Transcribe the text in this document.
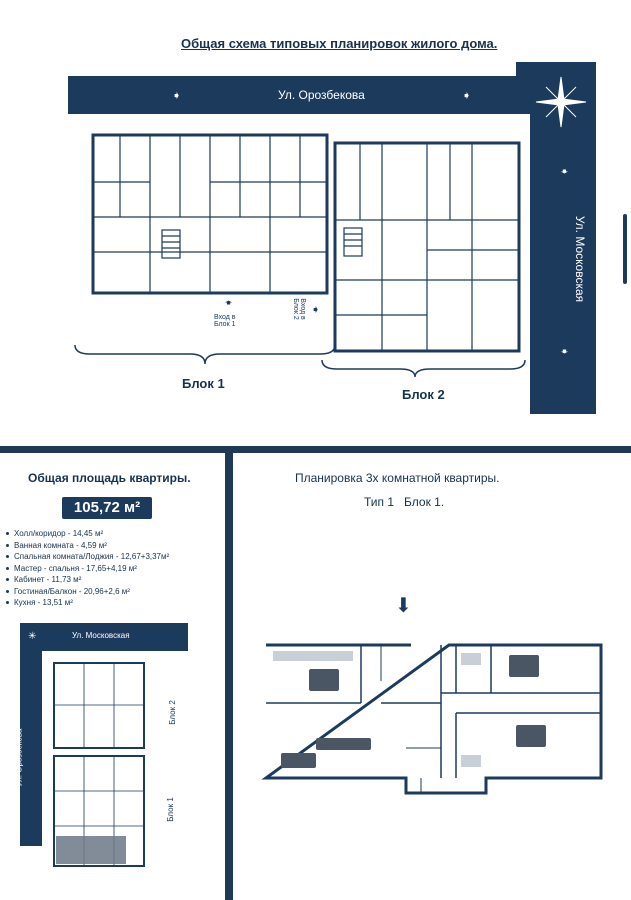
Общая схема типовых планировок жилого дома.
Ул. Орозбекова
➧	➧
Ул. Московская
➧
➧
➧
Вход в
Блок 1
➧
Вход в
Блок 2
Блок 1
Блок 2
Общая площадь квартиры.
105,72 м²
Холл/коридор - 14,45 м²
Ванная комната - 4,59 м²
Спальная комната/Лоджия - 12,67+3,37м²
Мастер - спальня - 17,65+4,19 м²
Кабинет - 11,73 м²
Гостиная/Балкон - 20,96+2,6 м²
Кухня - 13,51 м²
Ул. Московская
Ул. Орозбекова
✳
Блок 2
Блок 1
Планировка 3х комнатной квартиры.
Тип 1   Блок 1.
⬇
